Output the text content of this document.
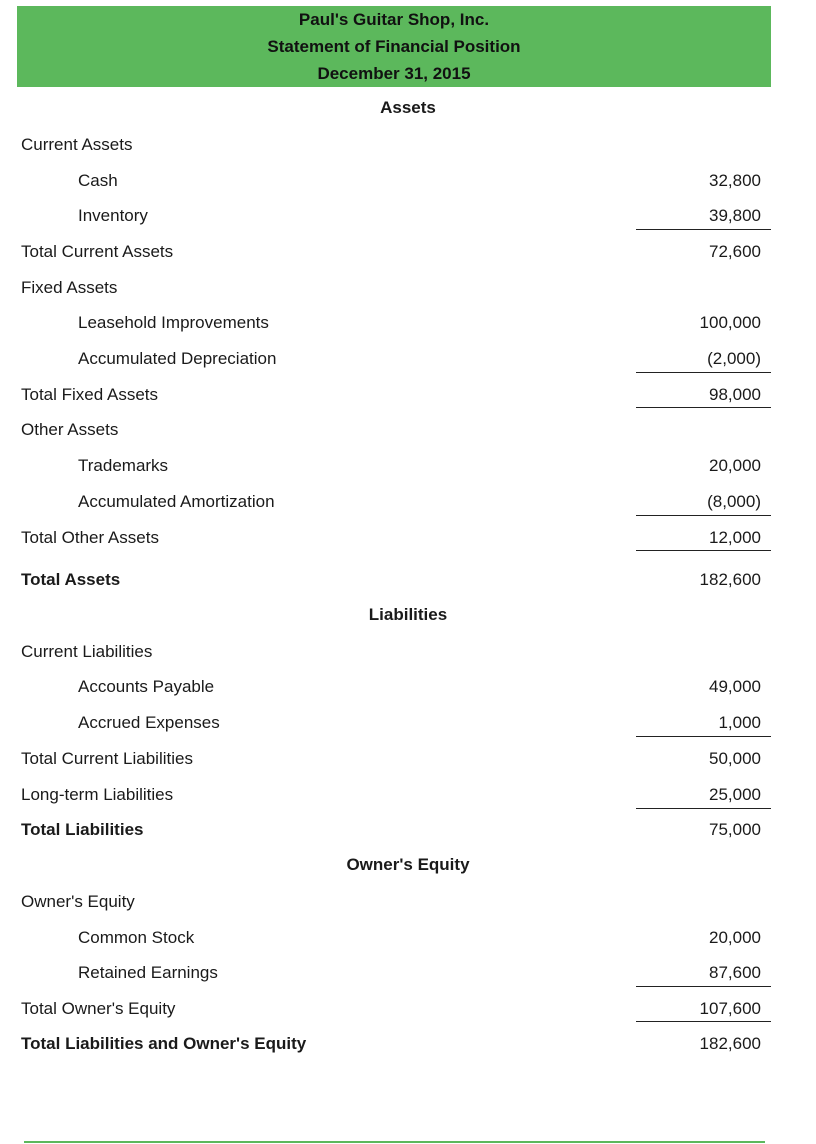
Paul's Guitar Shop, Inc.
Statement of Financial Position
December 31, 2015
Assets
Current Assets
Cash	32,800
Inventory	39,800
Total Current Assets	72,600
Fixed Assets
Leasehold Improvements	100,000
Accumulated Depreciation	(2,000)
Total Fixed Assets	98,000
Other Assets
Trademarks	20,000
Accumulated Amortization	(8,000)
Total Other Assets	12,000
Total Assets	182,600
Liabilities
Current Liabilities
Accounts Payable	49,000
Accrued Expenses	1,000
Total Current Liabilities	50,000
Long-term Liabilities	25,000
Total Liabilities	75,000
Owner's Equity
Owner's Equity
Common Stock	20,000
Retained Earnings	87,600
Total Owner's Equity	107,600
Total Liabilities and Owner's Equity	182,600
